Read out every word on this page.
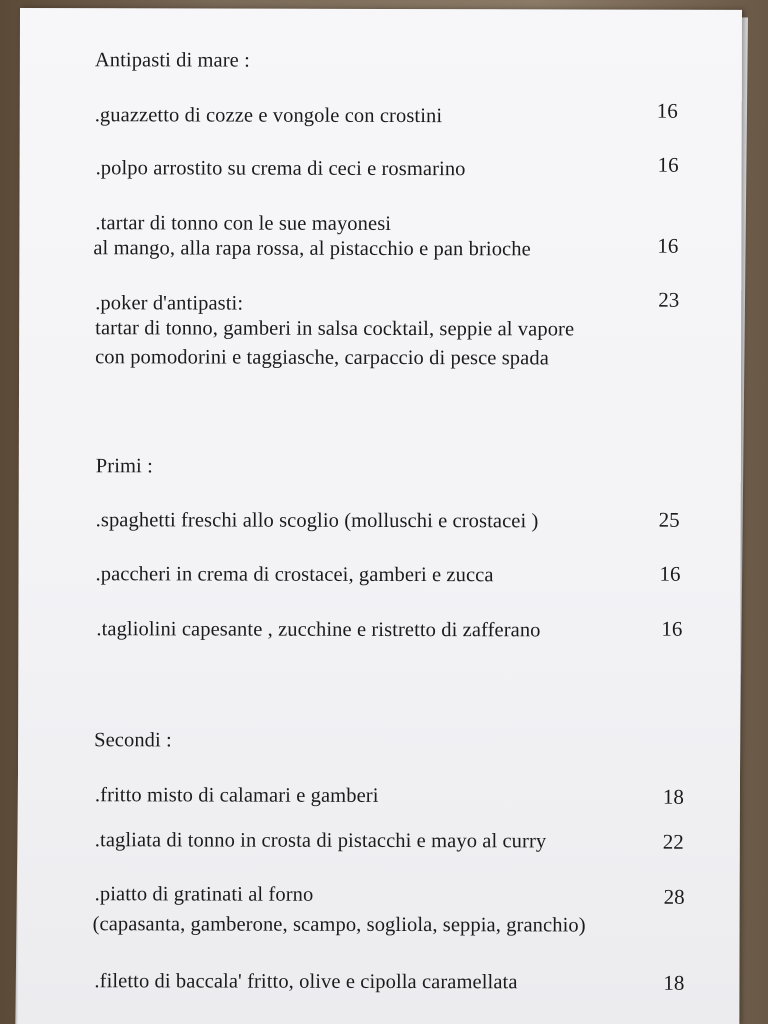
Antipasti di mare :
.guazzetto di cozze e vongole con crostini	16
.polpo arrostito su crema di ceci e rosmarino	16
.tartar di tonno con le sue mayonesi
al mango, alla rapa rossa, al pistacchio e pan brioche	16
.poker d'antipasti:	23
tartar di tonno, gamberi in salsa cocktail, seppie al vapore
con pomodorini e taggiasche, carpaccio di pesce spada
Primi :
.spaghetti freschi allo scoglio (molluschi e crostacei )	25
.paccheri in crema di crostacei, gamberi e zucca	16
.tagliolini capesante , zucchine e ristretto di zafferano	16
Secondi :
.fritto misto di calamari e gamberi	18
.tagliata di tonno in crosta di pistacchi e mayo al curry	22
.piatto di gratinati al forno	28
(capasanta, gamberone, scampo, sogliola, seppia, granchio)
.filetto di baccala' fritto, olive e cipolla caramellata	18
